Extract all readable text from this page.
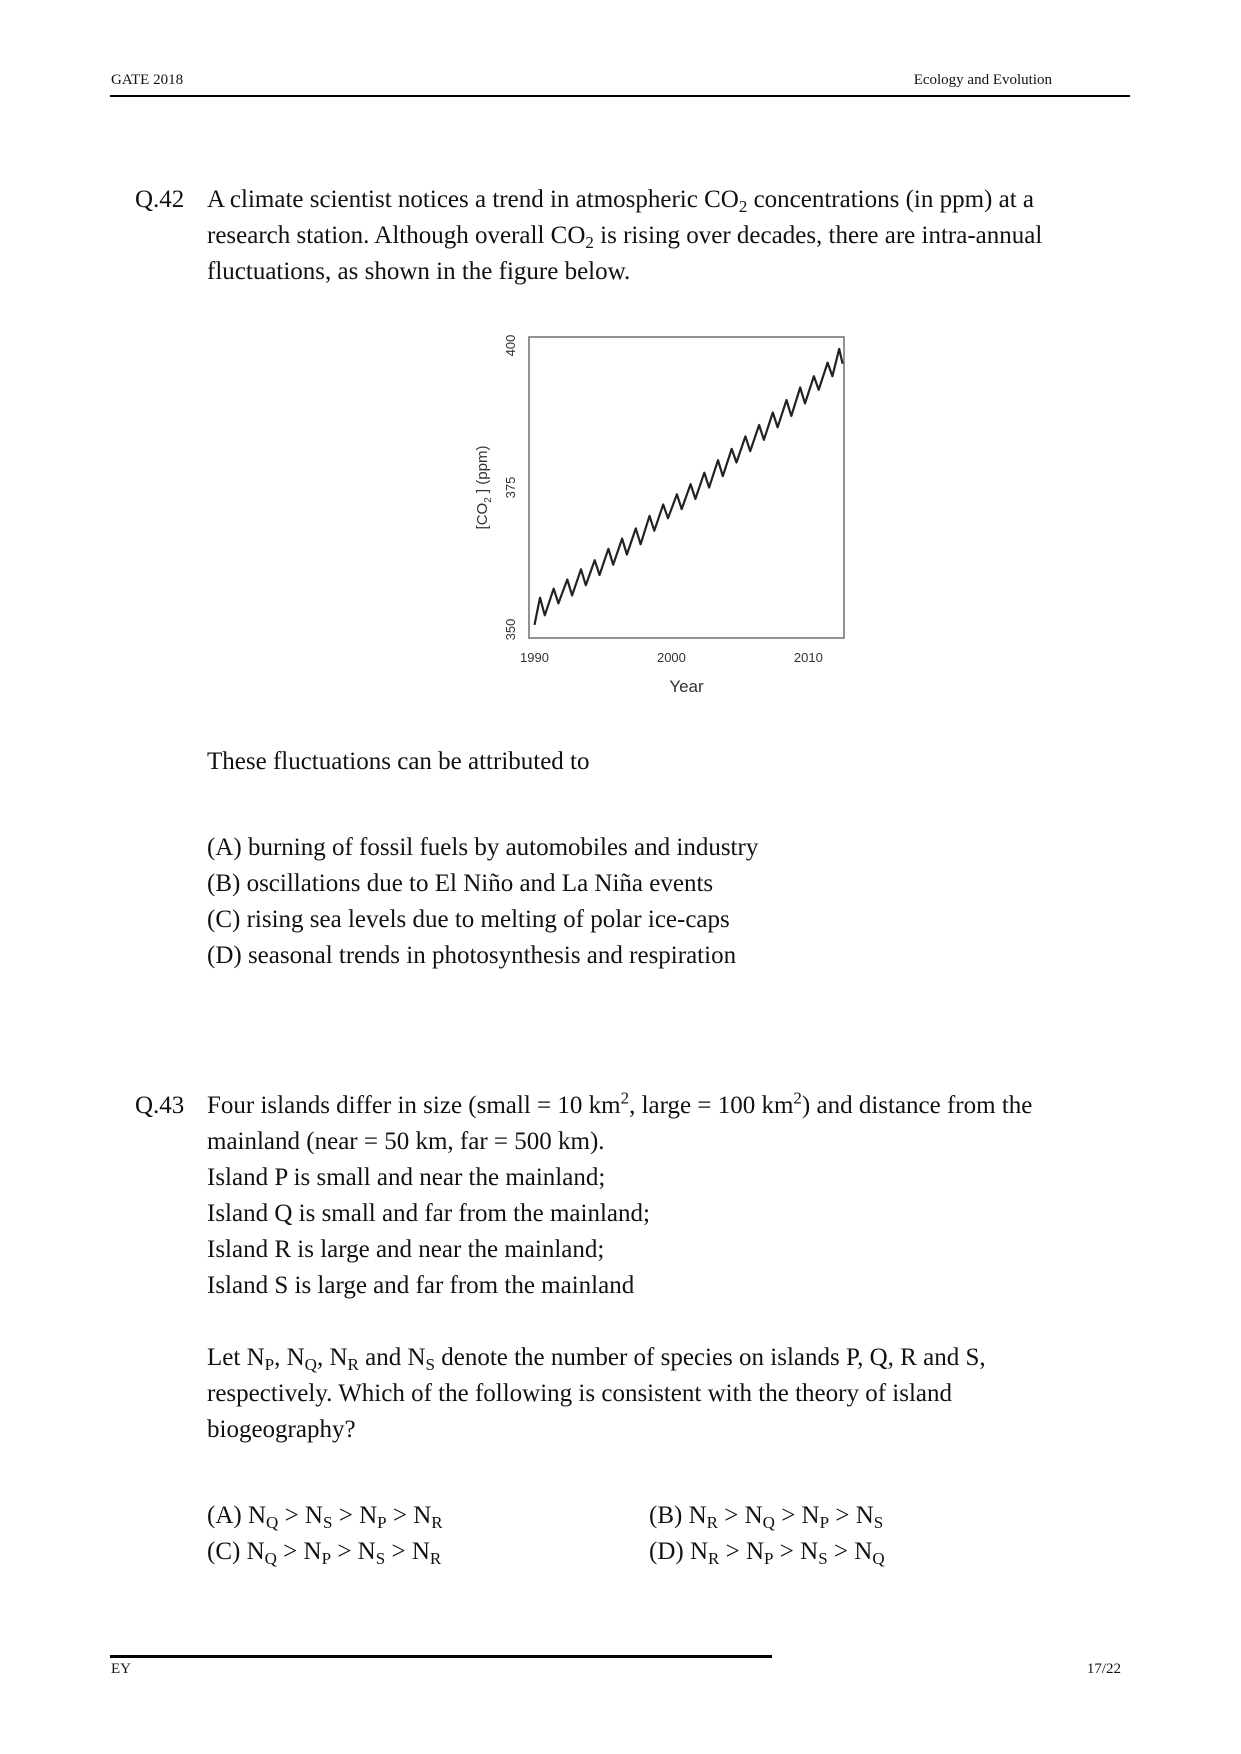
GATE 2018	Ecology and Evolution
Q.42 A climate scientist notices a trend in atmospheric $CO_2$ concentrations (in ppm) at a
research station. Although overall $CO_2$ is rising over decades, there are intra-annual
fluctuations, as shown in the figure below.
1990	2000	2010
350
375
400
Year
[$CO_2$ ] (ppm)
These fluctuations can be attributed to
(A) burning of fossil fuels by automobiles and industry
(B) oscillations due to El Niño and La Niña events
(C) rising sea levels due to melting of polar ice-caps
(D) seasonal trends in photosynthesis and respiration
Q.43 Four islands differ in size (small = 10 $km^2$, large = 100 $km^2$) and distance from the
mainland (near = 50 km, far = 500 km).
Island P is small and near the mainland;
Island Q is small and far from the mainland;
Island R is large and near the mainland;
Island S is large and far from the mainland
Let $N_P$, $N_Q$, $N_R$ and $N_S$ denote the number of species on islands P, Q, R and S,
respectively. Which of the following is consistent with the theory of island
biogeography?
(A) $N_Q > N_S > N_P > N_R$	(B) $N_R > N_Q > N_P > N_S$
(C) $N_Q > N_P > N_S > N_R$	(D) $N_R > N_P > N_S > N_Q$
EY	17/22
